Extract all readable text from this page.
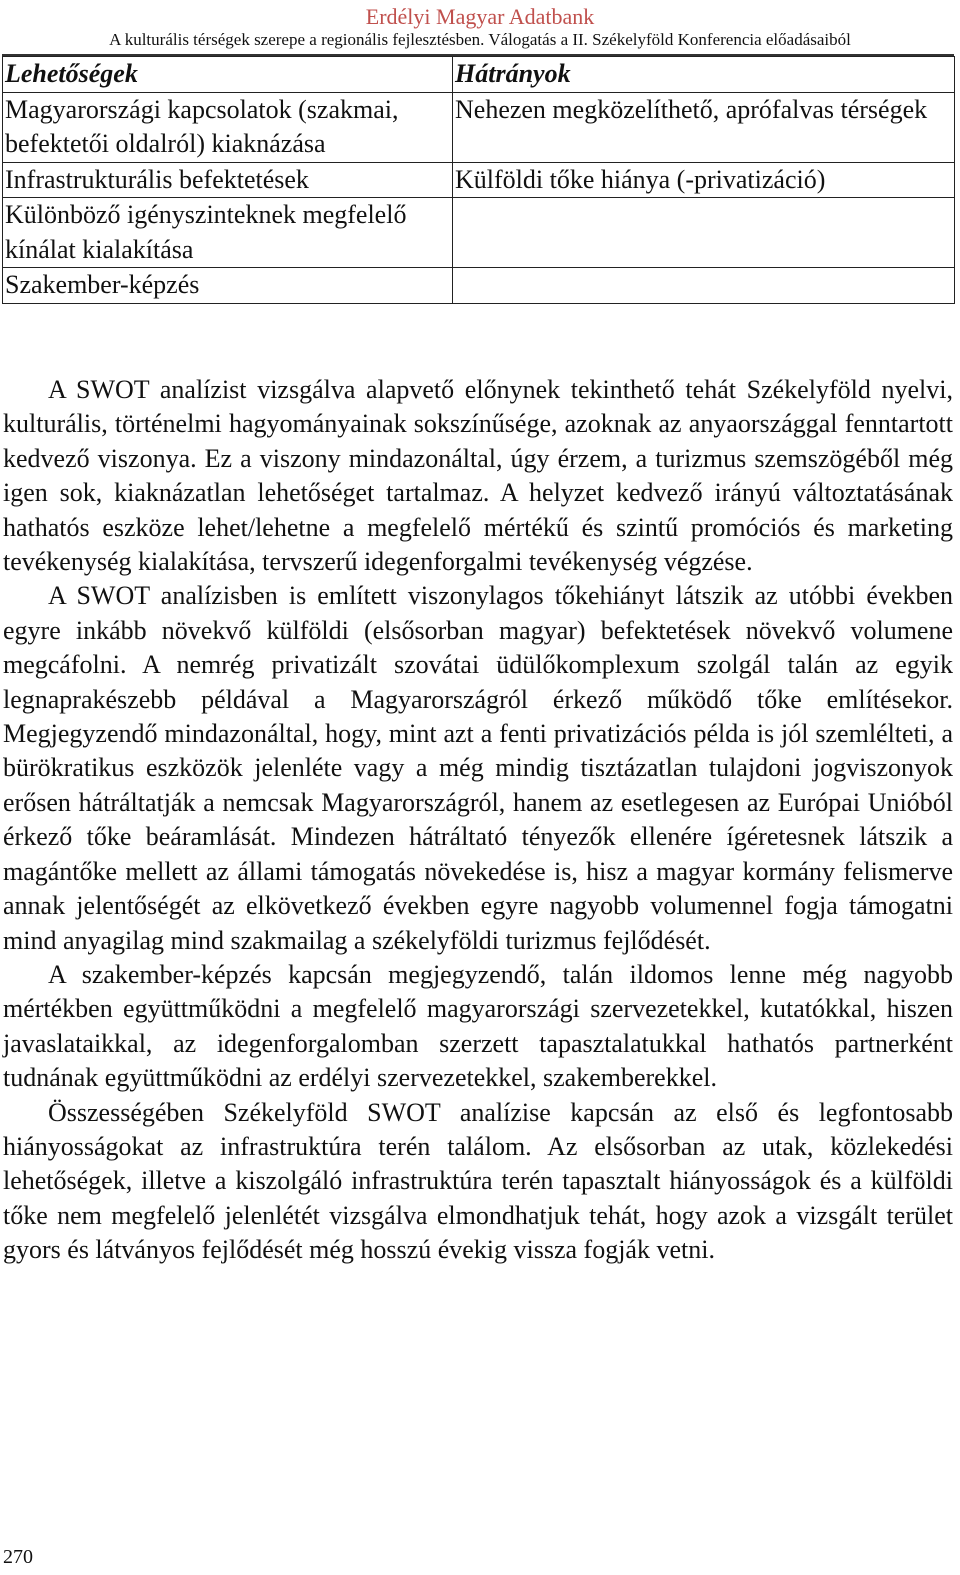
Erdélyi Magyar Adatbank
A kulturális térségek szerepe a regionális fejlesztésben. Válogatás a II. Székelyföld Konferencia előadásaiból
Lehetőségek	Hátrányok
Magyarországi kapcsolatok (szakmai, befektetői oldalról) kiaknázása	Nehezen megközelíthető, aprófalvas térségek
Infrastrukturális befektetések	Külföldi tőke hiánya (-privatizáció)
Különböző igényszinteknek megfelelő kínálat kialakítása	
Szakember-képzés	

A SWOT analízist vizsgálva alapvető előnynek tekinthető tehát Székelyföld nyelvi, kulturális, történelmi hagyományainak sokszínűsége, azoknak az anyaországgal fenntartott kedvező viszonya. Ez a viszony mindazonáltal, úgy érzem, a turizmus szemszögéből még igen sok, kiaknázatlan lehetőséget tartalmaz. A helyzet kedvező irányú változtatásának hathatós eszköze lehet/lehetne a megfelelő mértékű és szintű promóciós és marketing tevékenység kialakítása, tervszerű idegenforgalmi tevékenység végzése.

A SWOT analízisben is említett viszonylagos tőkehiányt látszik az utóbbi években egyre inkább növekvő külföldi (elsősorban magyar) befektetések növekvő volumene megcáfolni. A nemrég privatizált szovátai üdülőkomplexum szolgál talán az egyik legnaprakészebb példával a Magyarországról érkező működő tőke említésekor. Megjegyzendő mindazonáltal, hogy, mint azt a fenti privatizációs példa is jól szemlélteti, a bürökratikus eszközök jelenléte vagy a még mindig tisztázatlan tulajdoni jogviszonyok erősen hátráltatják a nemcsak Magyarországról, hanem az esetlegesen az Európai Unióból érkező tőke beáramlását. Mindezen hátráltató tényezők ellenére ígéretesnek látszik a magántőke mellett az állami támogatás növekedése is, hisz a magyar kormány felismerve annak jelentőségét az elkövetkező években egyre nagyobb volumennel fogja támogatni mind anyagilag mind szakmailag a székelyföldi turizmus fejlődését.

A szakember-képzés kapcsán megjegyzendő, talán ildomos lenne még nagyobb mértékben együttműködni a megfelelő magyarországi szervezetekkel, kutatókkal, hiszen javaslataikkal, az idegenforgalomban szerzett tapasztalatukkal hathatós partnerként tudnának együttműködni az erdélyi szervezetekkel, szakemberekkel.

Összességében Székelyföld SWOT analízise kapcsán az első és legfontosabb hiányosságokat az infrastruktúra terén találom. Az elsősorban az utak, közlekedési lehetőségek, illetve a kiszolgáló infrastruktúra terén tapasztalt hiányosságok és a külföldi tőke nem megfelelő jelenlétét vizsgálva elmondhatjuk tehát, hogy azok a vizsgált terület gyors és látványos fejlődését még hosszú évekig vissza fogják vetni.

270
